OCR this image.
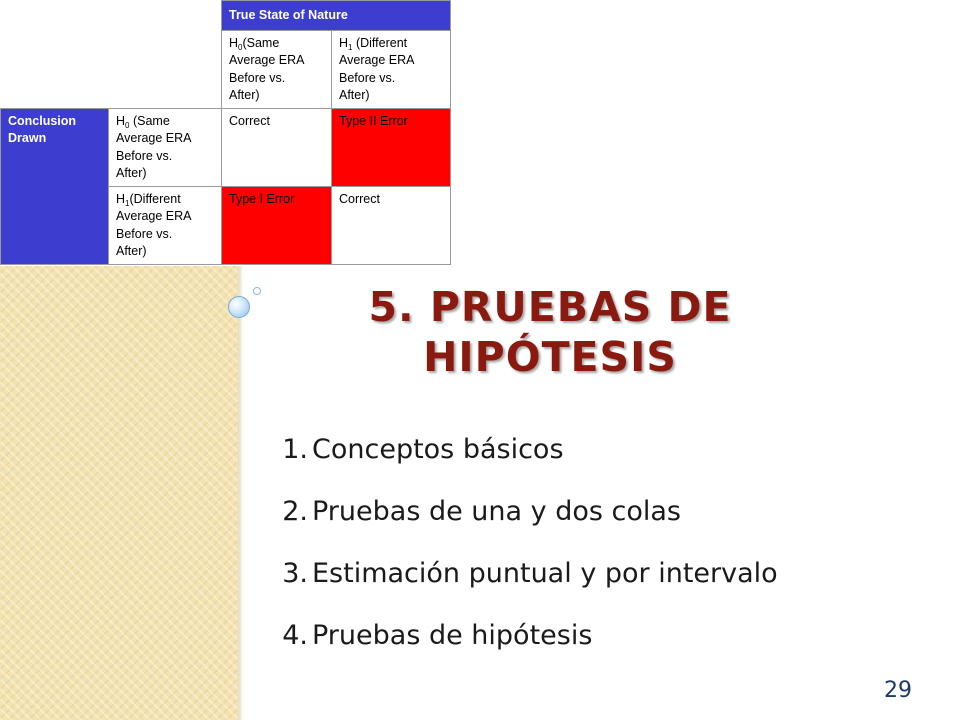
		True State of Nature	

		$H_0(Same$
Average ERA
Before vs.
After)	$H_1$ (Different
Average ERA
Before vs.
After)

Conclusion
Drawn	$H_0$ (Same
Average ERA
Before vs.
After)	Correct	Type II Error

	$H_1(Different$
Average ERA
Before vs.
After)	Type I Error	Correct
5. PRUEBAS DE
HIPÓTESIS
1. Conceptos básicos
2. Pruebas de una y dos colas
3. Estimación puntual y por intervalo
4. Pruebas de hipótesis
29
